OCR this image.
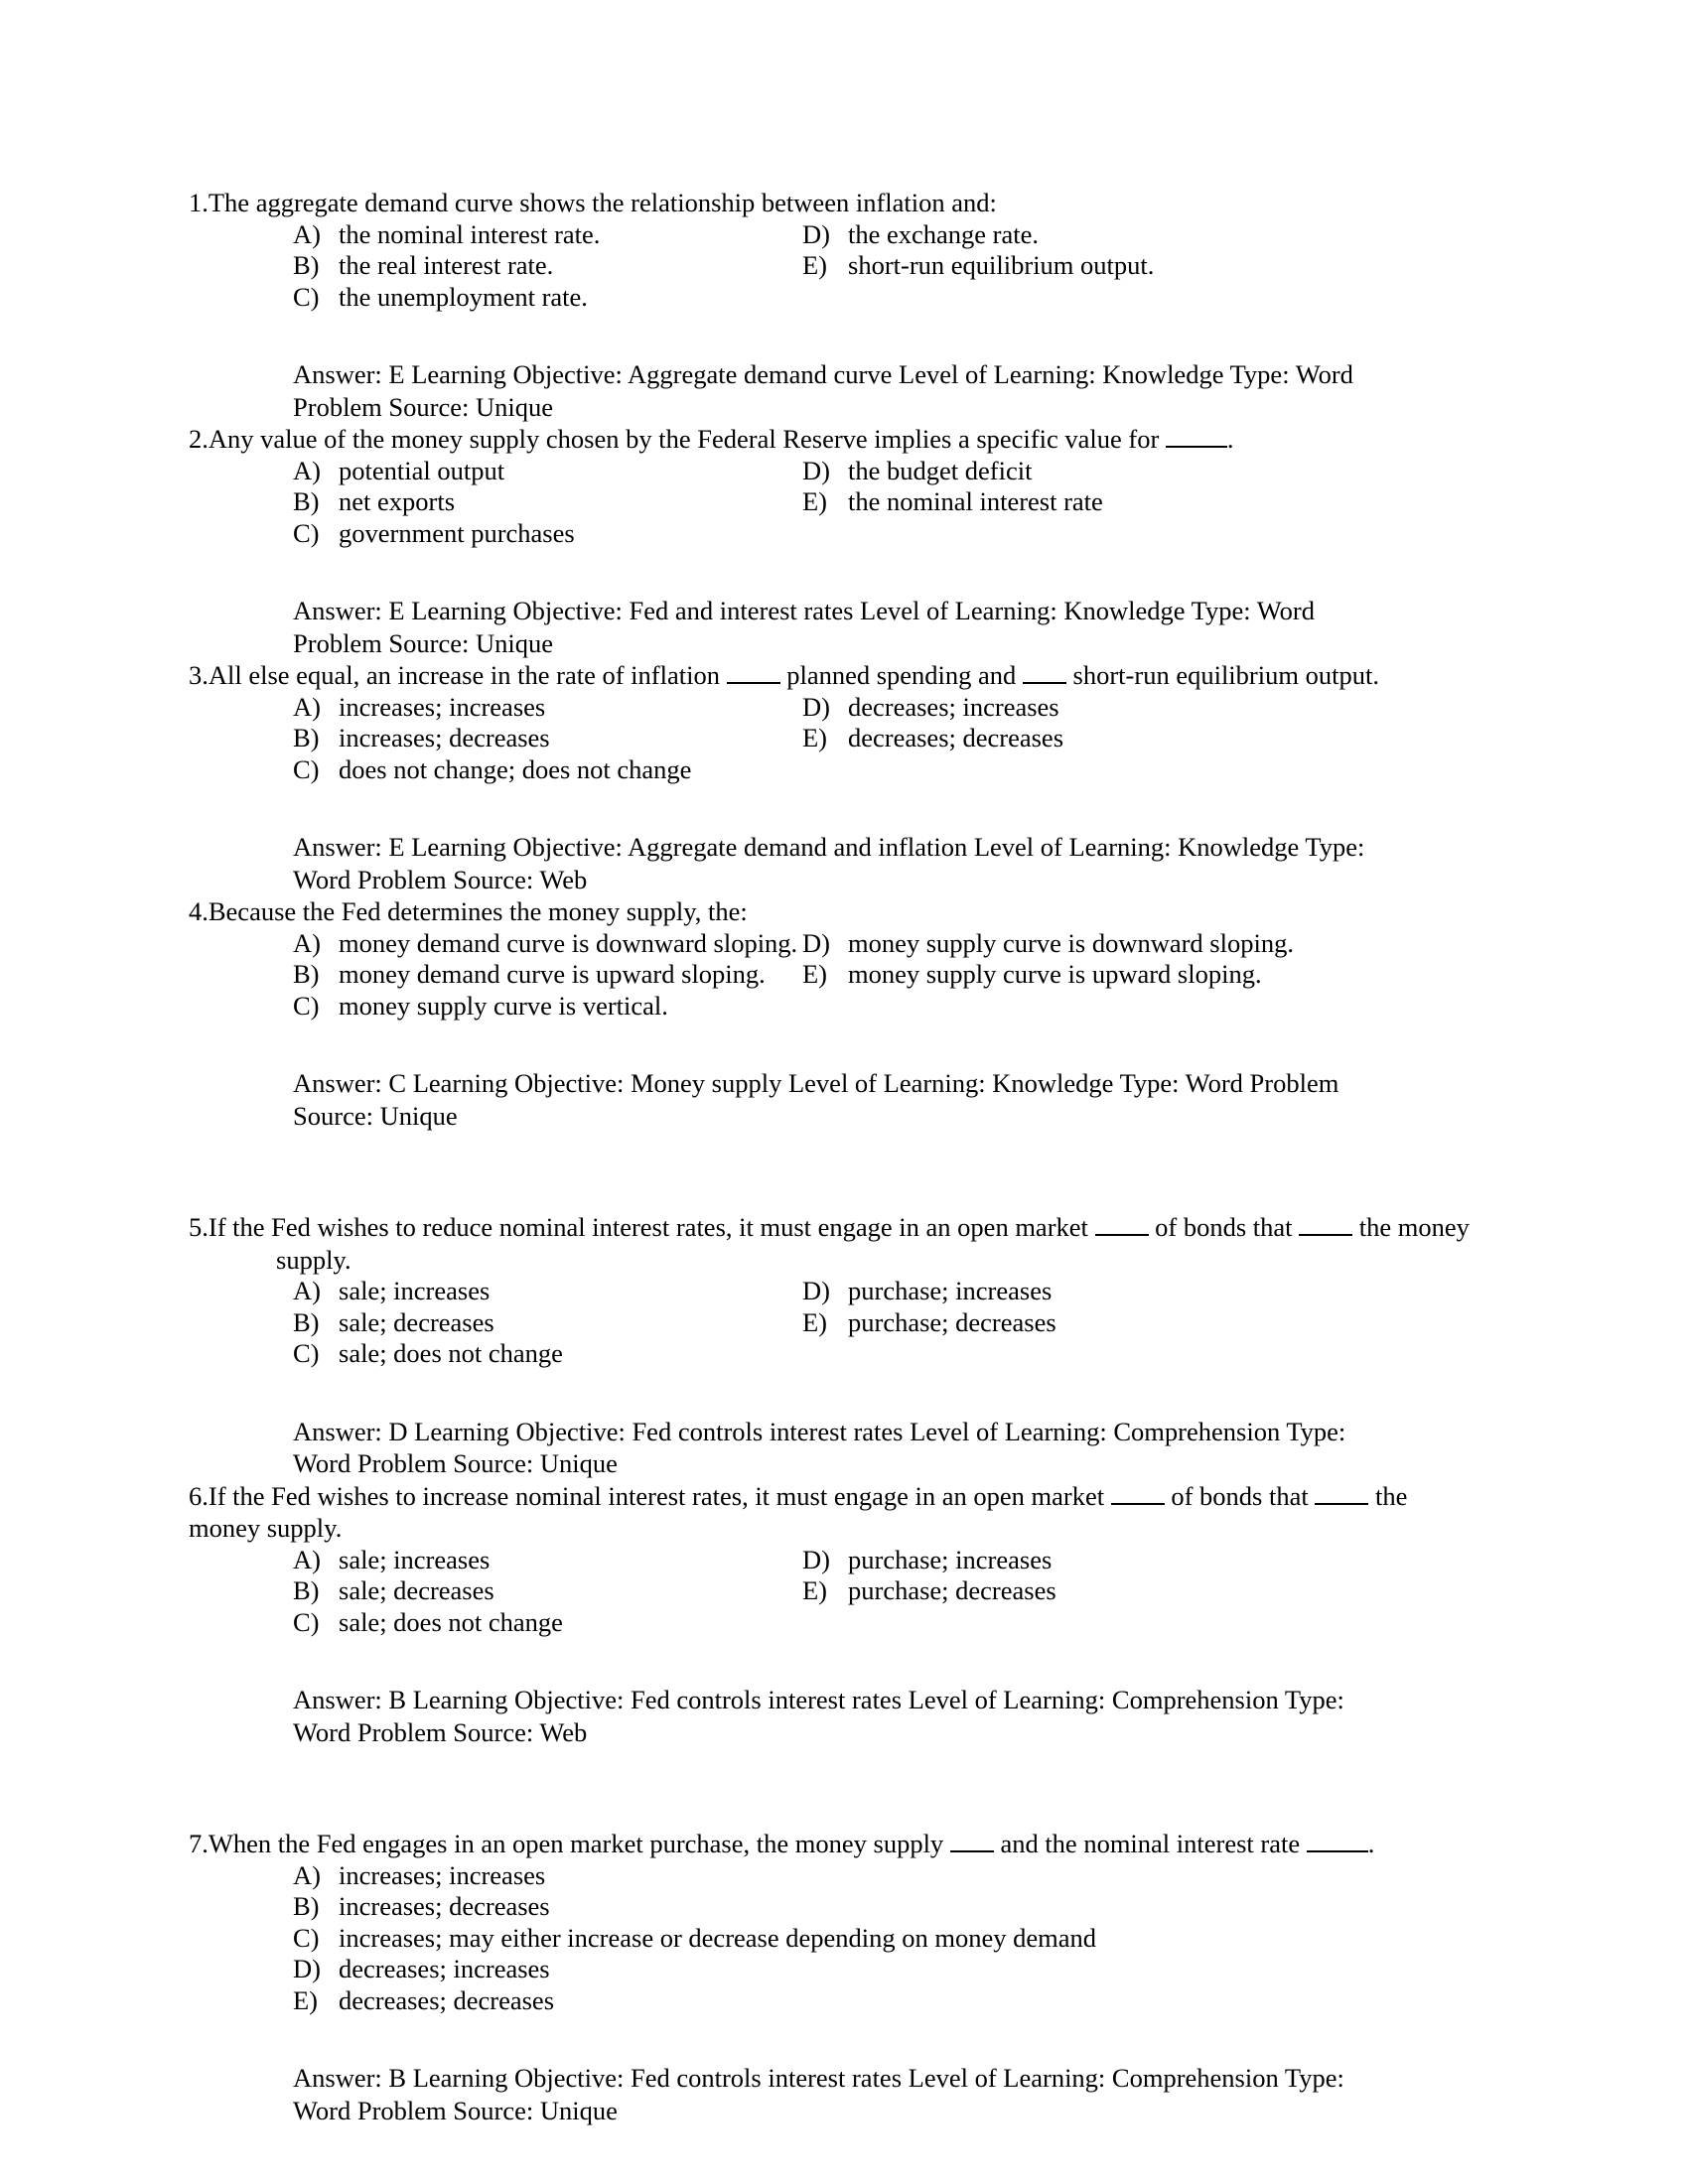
1.The aggregate demand curve shows the relationship between inflation and:

A) the nominal interest rate.
B) the real interest rate.
C) the unemployment rate.
D) the exchange rate.
E) short-run equilibrium output.
Answer: E Learning Objective: Aggregate demand curve Level of Learning: Knowledge Type: Word
Problem Source: Unique

2.Any value of the money supply chosen by the Federal Reserve implies a specific value for	.

A) potential output
B) net exports
C) government purchases
D) the budget deficit
E) the nominal interest rate
Answer: E Learning Objective: Fed and interest rates Level of Learning: Knowledge Type: Word
Problem Source: Unique

3.All else equal, an increase in the rate of inflation	planned spending and short-run equilibrium output.

A) increases; increases
B) increases; decreases
C) does not change; does not change
D) decreases; increases
E) decreases; decreases
Answer: E Learning Objective: Aggregate demand and inflation Level of Learning: Knowledge Type:
Word Problem Source: Web

4.Because the Fed determines the money supply, the:

A) money demand curve is downward sloping.
B) money demand curve is upward sloping.
C) money supply curve is vertical.
D) money supply curve is downward sloping.
E) money supply curve is upward sloping.
Answer: C Learning Objective: Money supply Level of Learning: Knowledge Type: Word Problem
Source: Unique

5.If the Fed wishes to reduce nominal interest rates, it must engage in an open market	of bonds that	the money supply.

A) sale; increases
B) sale; decreases
C) sale; does not change
D) purchase; increases
E) purchase; decreases
Answer: D Learning Objective: Fed controls interest rates Level of Learning: Comprehension Type:
Word Problem Source: Unique

6.If the Fed wishes to increase nominal interest rates, it must engage in an open market	of bonds that	the money supply.

A) sale; increases
B) sale; decreases
C) sale; does not change
D) purchase; increases
E) purchase; decreases
Answer: B Learning Objective: Fed controls interest rates Level of Learning: Comprehension Type:
Word Problem Source: Web

7.When the Fed engages in an open market purchase, the money supply and the nominal interest rate	.

A) increases; increases
B) increases; decreases
C) increases; may either increase or decrease depending on money demand
D) decreases; increases
E) decreases; decreases
Answer: B Learning Objective: Fed controls interest rates Level of Learning: Comprehension Type:
Word Problem Source: Unique
